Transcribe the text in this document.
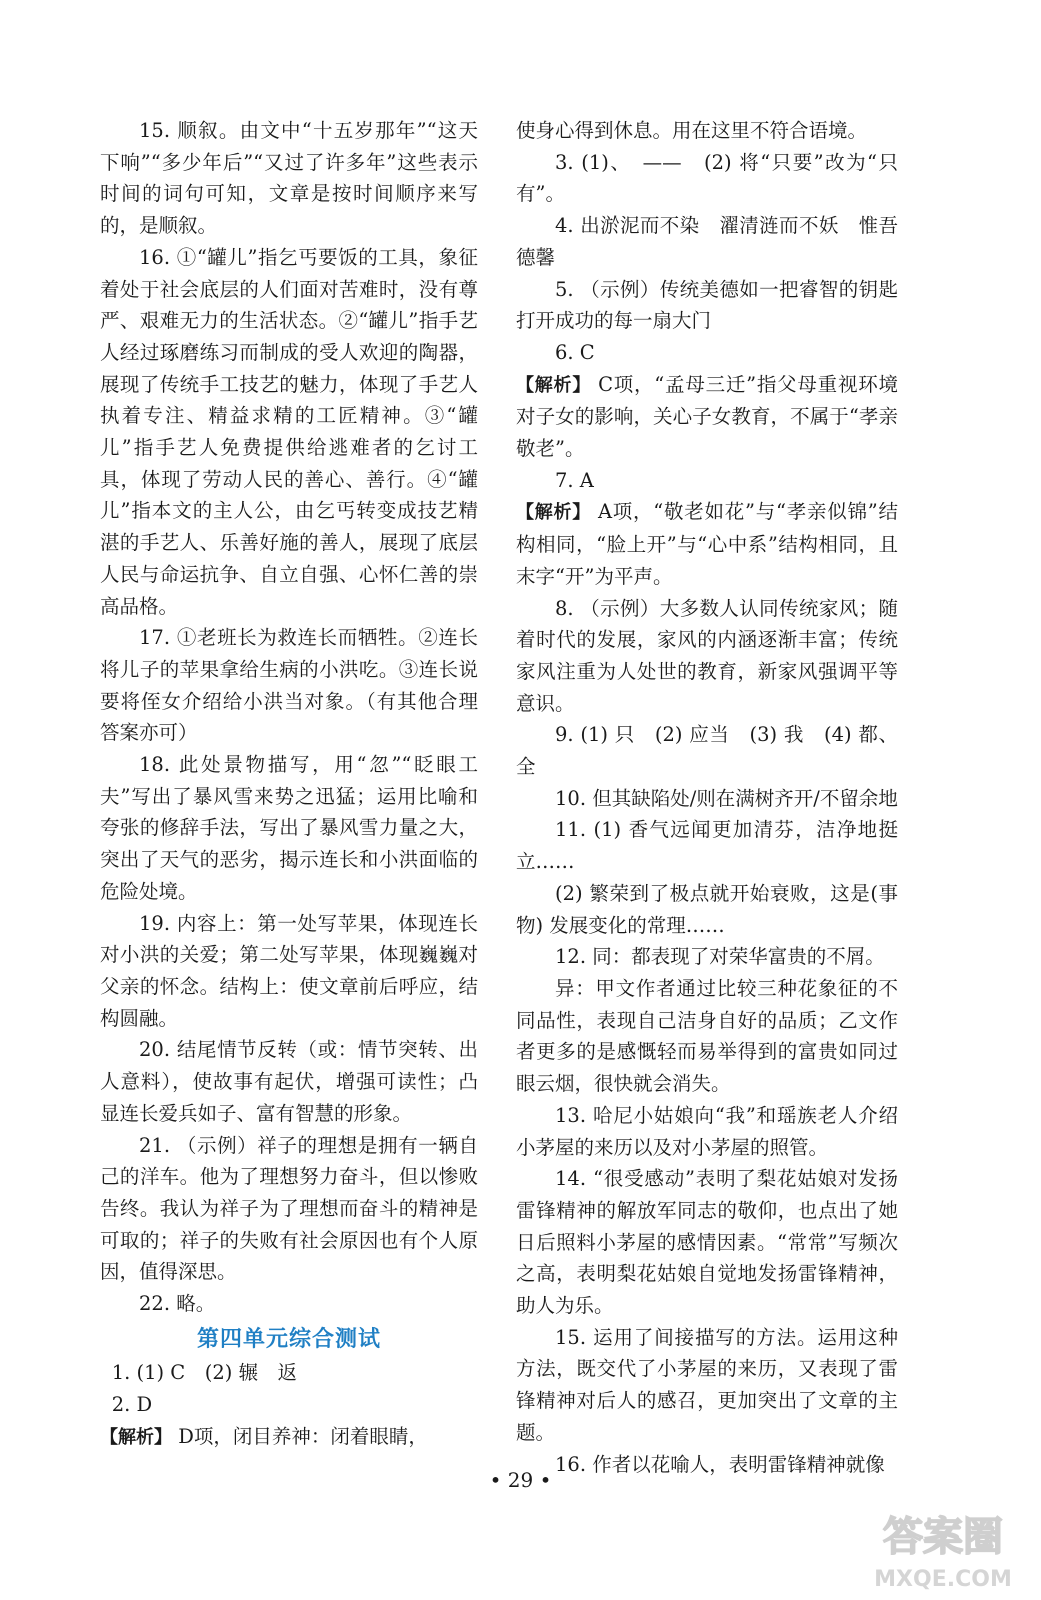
15. 顺叙。由文中“十五岁那年”“这天下响”“多少年后”“又过了许多年”这些表示时间的词句可知，文章是按时间顺序来写的，是顺叙。

16. ①“罐儿”指乞丐要饭的工具，象征着处于社会底层的人们面对苦难时，没有尊严、艰难无力的生活状态。②“罐儿”指手艺人经过琢磨练习而制成的受人欢迎的陶器，展现了传统手工技艺的魅力，体现了手艺人执着专注、精益求精的工匠精神。③“罐儿”指手艺人免费提供给逃难者的乞讨工具，体现了劳动人民的善心、善行。④“罐儿”指本文的主人公，由乞丐转变成技艺精湛的手艺人、乐善好施的善人，展现了底层人民与命运抗争、自立自强、心怀仁善的崇高品格。

17. ①老班长为救连长而牺牲。②连长将儿子的苹果拿给生病的小洪吃。③连长说要将侄女介绍给小洪当对象。（有其他合理答案亦可）

18. 此处景物描写，用“忽”“眨眼工夫”写出了暴风雪来势之迅猛；运用比喻和夸张的修辞手法，写出了暴风雪力量之大，突出了天气的恶劣，揭示连长和小洪面临的危险处境。

19. 内容上：第一处写苹果，体现连长对小洪的关爱；第二处写苹果，体现巍巍对父亲的怀念。结构上：使文章前后呼应，结构圆融。

20. 结尾情节反转（或：情节突转、出人意料），使故事有起伏，增强可读性；凸显连长爱兵如子、富有智慧的形象。

21. （示例）祥子的理想是拥有一辆自己的洋车。他为了理想努力奋斗，但以惨败告终。我认为祥子为了理想而奋斗的精神是可取的；祥子的失败有社会原因也有个人原因，值得深思。

22. 略。

第四单元综合测试

1. (1) C　(2) 辗　返

2. D

【解析】 D项，闭目养神：闭着眼睛，

使身心得到休息。用在这里不符合语境。

3. (1)、　——　(2) 将“只要”改为“只有”。

4. 出淤泥而不染　濯清涟而不妖　惟吾德馨

5. （示例）传统美德如一把睿智的钥匙打开成功的每一扇大门

6. C

【解析】 C项，“孟母三迁”指父母重视环境对子女的影响，关心子女教育，不属于“孝亲敬老”。

7. A

【解析】 A项，“敬老如花”与“孝亲似锦”结构相同，“脸上开”与“心中系”结构相同，且末字“开”为平声。

8. （示例）大多数人认同传统家风；随着时代的发展，家风的内涵逐渐丰富；传统家风注重为人处世的教育，新家风强调平等意识。

9. (1) 只　(2) 应当　(3) 我　(4) 都、全

10. 但其缺陷处/则在满树齐开/不留余地

11. (1) 香气远闻更加清芬，洁净地挺立……

(2) 繁荣到了极点就开始衰败，这是(事物) 发展变化的常理……

12. 同：都表现了对荣华富贵的不屑。

异：甲文作者通过比较三种花象征的不同品性，表现自己洁身自好的品质；乙文作者更多的是感慨轻而易举得到的富贵如同过眼云烟，很快就会消失。

13. 哈尼小姑娘向“我”和瑶族老人介绍小茅屋的来历以及对小茅屋的照管。

14. “很受感动”表明了梨花姑娘对发扬雷锋精神的解放军同志的敬仰，也点出了她日后照料小茅屋的感情因素。“常常”写频次之高，表明梨花姑娘自觉地发扬雷锋精神，助人为乐。

15. 运用了间接描写的方法。运用这种方法，既交代了小茅屋的来历，又表现了雷锋精神对后人的感召，更加突出了文章的主题。

16. 作者以花喻人，表明雷锋精神就像

• 29 •
答案圈
MXQE.COM
